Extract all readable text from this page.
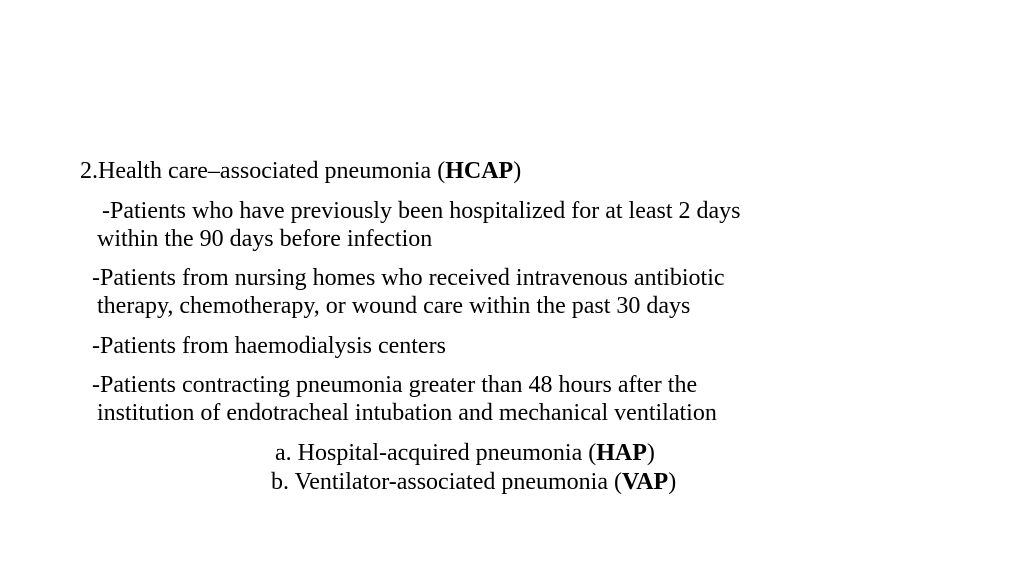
2.Health care–associated pneumonia (HCAP)
-Patients who have previously been hospitalized for at least 2 days
within the 90 days before infection
-Patients from nursing homes who received intravenous antibiotic
therapy, chemotherapy, or wound care within the past 30 days
-Patients from haemodialysis centers
-Patients contracting pneumonia greater than 48 hours after the
institution of endotracheal intubation and mechanical ventilation
a. Hospital-acquired pneumonia (HAP)
b. Ventilator-associated pneumonia (VAP)
